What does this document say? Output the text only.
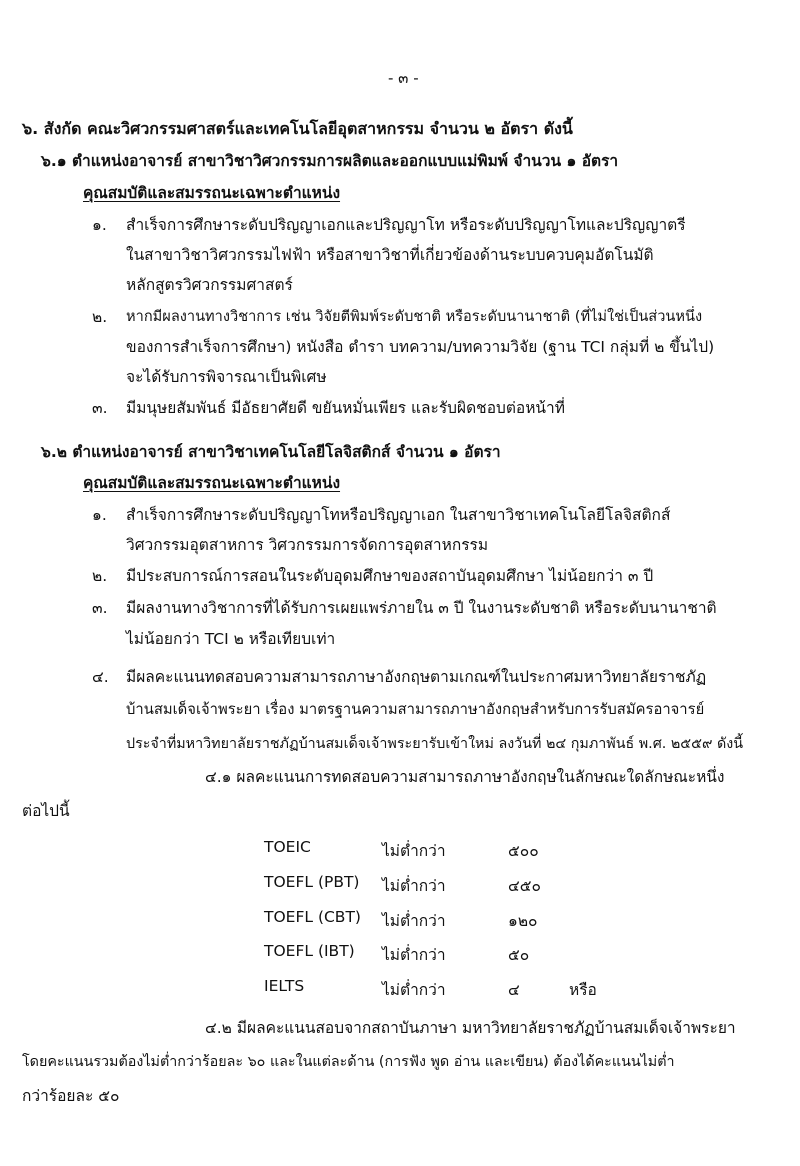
- ๓ -
๖. สังกัด คณะวิศวกรรมศาสตร์และเทคโนโลยีอุตสาหกรรม จำนวน ๒ อัตรา ดังนี้
๖.๑ ตำแหน่งอาจารย์ สาขาวิชาวิศวกรรมการผลิตและออกแบบแม่พิมพ์ จำนวน ๑ อัตรา
คุณสมบัติและสมรรถนะเฉพาะตำแหน่ง
๑. สำเร็จการศึกษาระดับปริญญาเอกและปริญญาโท หรือระดับปริญญาโทและปริญญาตรี
ในสาขาวิชาวิศวกรรมไฟฟ้า หรือสาขาวิชาที่เกี่ยวข้องด้านระบบควบคุมอัตโนมัติ
หลักสูตรวิศวกรรมศาสตร์
๒. หากมีผลงานทางวิชาการ เช่น วิจัยตีพิมพ์ระดับชาติ หรือระดับนานาชาติ (ที่ไม่ใช่เป็นส่วนหนึ่ง
ของการสำเร็จการศึกษา) หนังสือ ตำรา บทความ/บทความวิจัย (ฐาน TCI กลุ่มที่ ๒ ขึ้นไป)
จะได้รับการพิจารณาเป็นพิเศษ
๓. มีมนุษยสัมพันธ์ มีอัธยาศัยดี ขยันหมั่นเพียร และรับผิดชอบต่อหน้าที่
๖.๒ ตำแหน่งอาจารย์ สาขาวิชาเทคโนโลยีโลจิสติกส์ จำนวน ๑ อัตรา
คุณสมบัติและสมรรถนะเฉพาะตำแหน่ง
๑. สำเร็จการศึกษาระดับปริญญาโทหรือปริญญาเอก ในสาขาวิชาเทคโนโลยีโลจิสติกส์
วิศวกรรมอุตสาหการ วิศวกรรมการจัดการอุตสาหกรรม
๒. มีประสบการณ์การสอนในระดับอุดมศึกษาของสถาบันอุดมศึกษา ไม่น้อยกว่า ๓ ปี
๓. มีผลงานทางวิชาการที่ได้รับการเผยแพร่ภายใน ๓ ปี ในงานระดับชาติ หรือระดับนานาชาติ
ไม่น้อยกว่า TCI ๒ หรือเทียบเท่า
๔. มีผลคะแนนทดสอบความสามารถภาษาอังกฤษตามเกณฑ์ในประกาศมหาวิทยาลัยราชภัฏ
บ้านสมเด็จเจ้าพระยา เรื่อง มาตรฐานความสามารถภาษาอังกฤษสำหรับการรับสมัครอาจารย์
ประจำที่มหาวิทยาลัยราชภัฏบ้านสมเด็จเจ้าพระยารับเข้าใหม่ ลงวันที่ ๒๔ กุมภาพันธ์ พ.ศ. ๒๕๕๙ ดังนี้
๔.๑ ผลคะแนนการทดสอบความสามารถภาษาอังกฤษในลักษณะใดลักษณะหนึ่ง
ต่อไปนี้
TOEIC	ไม่ต่ำกว่า	๕๐๐
TOEFL (PBT) ไม่ต่ำกว่า	๔๕๐
TOEFL (CBT) ไม่ต่ำกว่า	๑๒๐
TOEFL (IBT) ไม่ต่ำกว่า	๕๐
IELTS	ไม่ต่ำกว่า	๔	หรือ
๔.๒ มีผลคะแนนสอบจากสถาบันภาษา มหาวิทยาลัยราชภัฏบ้านสมเด็จเจ้าพระยา
โดยคะแนนรวมต้องไม่ต่ำกว่าร้อยละ ๖๐ และในแต่ละด้าน (การฟัง พูด อ่าน และเขียน) ต้องได้คะแนนไม่ต่ำ
กว่าร้อยละ ๕๐
